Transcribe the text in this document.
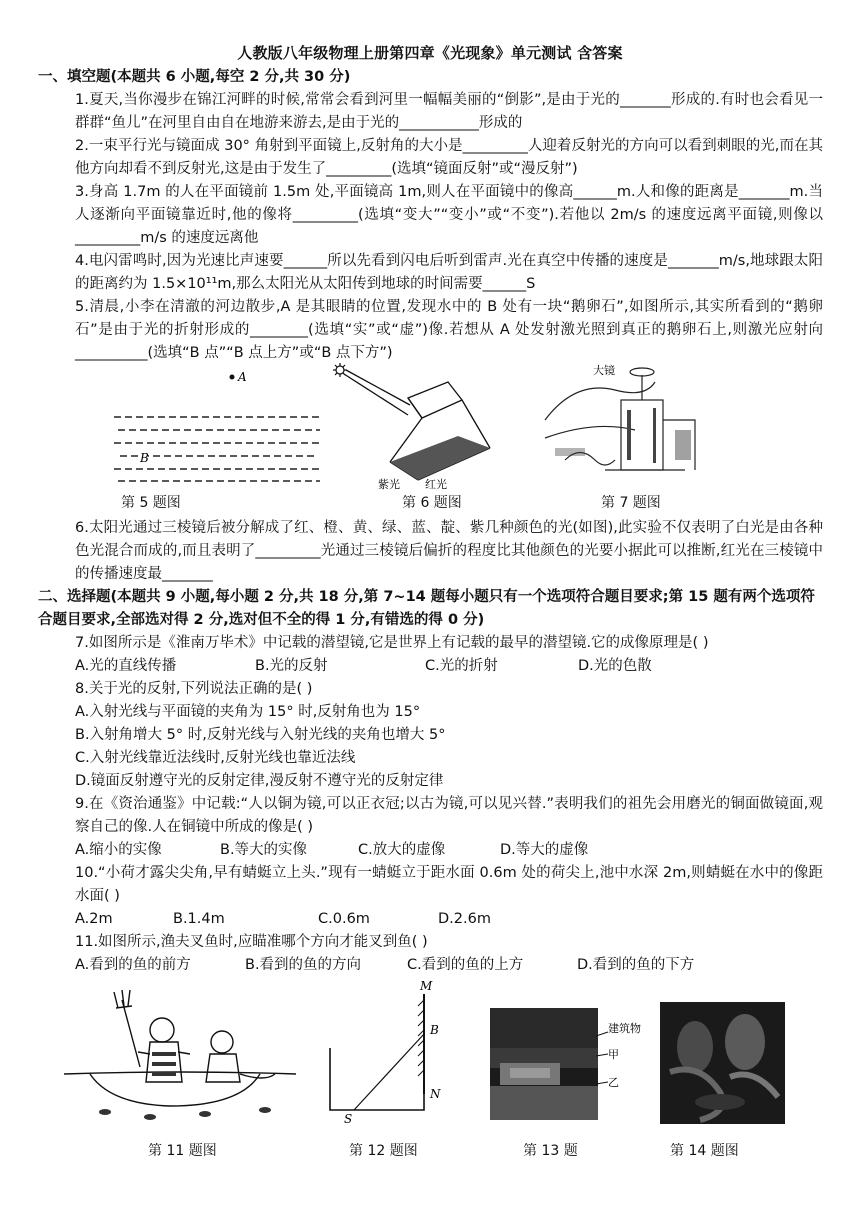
人教版八年级物理上册第四章《光现象》单元测试 含答案
一、填空题(本题共 6 小题,每空 2 分,共 30 分)
1.夏天,当你漫步在锦江河畔的时候,常常会看到河里一幅幅美丽的“倒影”,是由于光的_______形成的.有时也会看见一群群“鱼儿”在河里自由自在地游来游去,是由于光的___________形成的
2.一束平行光与镜面成 30° 角射到平面镜上,反射角的大小是_________人迎着反射光的方向可以看到刺眼的光,而在其他方向却看不到反射光,这是由于发生了_________(选填“镜面反射”或“漫反射”)
3.身高 1.7m 的人在平面镜前 1.5m 处,平面镜高 1m,则人在平面镜中的像高______m.人和像的距离是_______m.当人逐渐向平面镜靠近时,他的像将_________(选填“变大”“变小”或“不变”).若他以 2m/s 的速度远离平面镜,则像以_________m/s 的速度远离他
4.电闪雷鸣时,因为光速比声速要______所以先看到闪电后听到雷声.光在真空中传播的速度是_______m/s,地球跟太阳的距离约为 1.5×10¹¹m,那么太阳光从太阳传到地球的时间需要______S
5.清晨,小李在清澈的河边散步,A 是其眼睛的位置,发现水中的 B 处有一块“鹅卵石”,如图所示,其实所看到的“鹅卵石”是由于光的折射形成的________(选填“实”或“虚”)像.若想从 A 处发射激光照到真正的鹅卵石上,则激光应射向__________(选填“B 点”“B 点上方”或“B 点下方”)
A
B
第 5 题图
紫光 红光
第 6 题图
大镜
第 7 题图
6.太阳光通过三棱镜后被分解成了红、橙、黄、绿、蓝、靛、紫几种颜色的光(如图),此实验不仅表明了白光是由各种色光混合而成的,而且表明了_________光通过三棱镜后偏折的程度比其他颜色的光要小据此可以推断,红光在三棱镜中的传播速度最_______
二、选择题(本题共 9 小题,每小题 2 分,共 18 分,第 7~14 题每小题只有一个选项符合题目要求;第 15 题有两个选项符合题目要求,全部选对得 2 分,选对但不全的得 1 分,有错选的得 0 分)
7.如图所示是《淮南万毕术》中记载的潜望镜,它是世界上有记载的最早的潜望镜.它的成像原理是( )
A.光的直线传播	B.光的反射	C.光的折射	D.光的色散
8.关于光的反射,下列说法正确的是( )
A.入射光线与平面镜的夹角为 15° 时,反射角也为 15°
B.入射角增大 5° 时,反射光线与入射光线的夹角也增大 5°
C.入射光线靠近法线时,反射光线也靠近法线
D.镜面反射遵守光的反射定律,漫反射不遵守光的反射定律
9.在《资治通鉴》中记载:“人以铜为镜,可以正衣冠;以古为镜,可以见兴替.”表明我们的祖先会用磨光的铜面做镜面,观察自己的像.人在铜镜中所成的像是( )
A.缩小的实像	B.等大的实像	C.放大的虚像	D.等大的虚像
10.“小荷才露尖尖角,早有蜻蜓立上头.”现有一蜻蜓立于距水面 0.6m 处的荷尖上,池中水深 2m,则蜻蜓在水中的像距水面( )
A.2m	B.1.4m	C.0.6m	D.2.6m
11.如图所示,渔夫叉鱼时,应瞄准哪个方向才能叉到鱼( )
A.看到的鱼的前方	B.看到的鱼的方向	C.看到的鱼的上方	D.看到的鱼的下方
第 11 题图
M
B
N
S
第 12 题图
建筑物
甲
乙
第 13 题	第 14 题图
